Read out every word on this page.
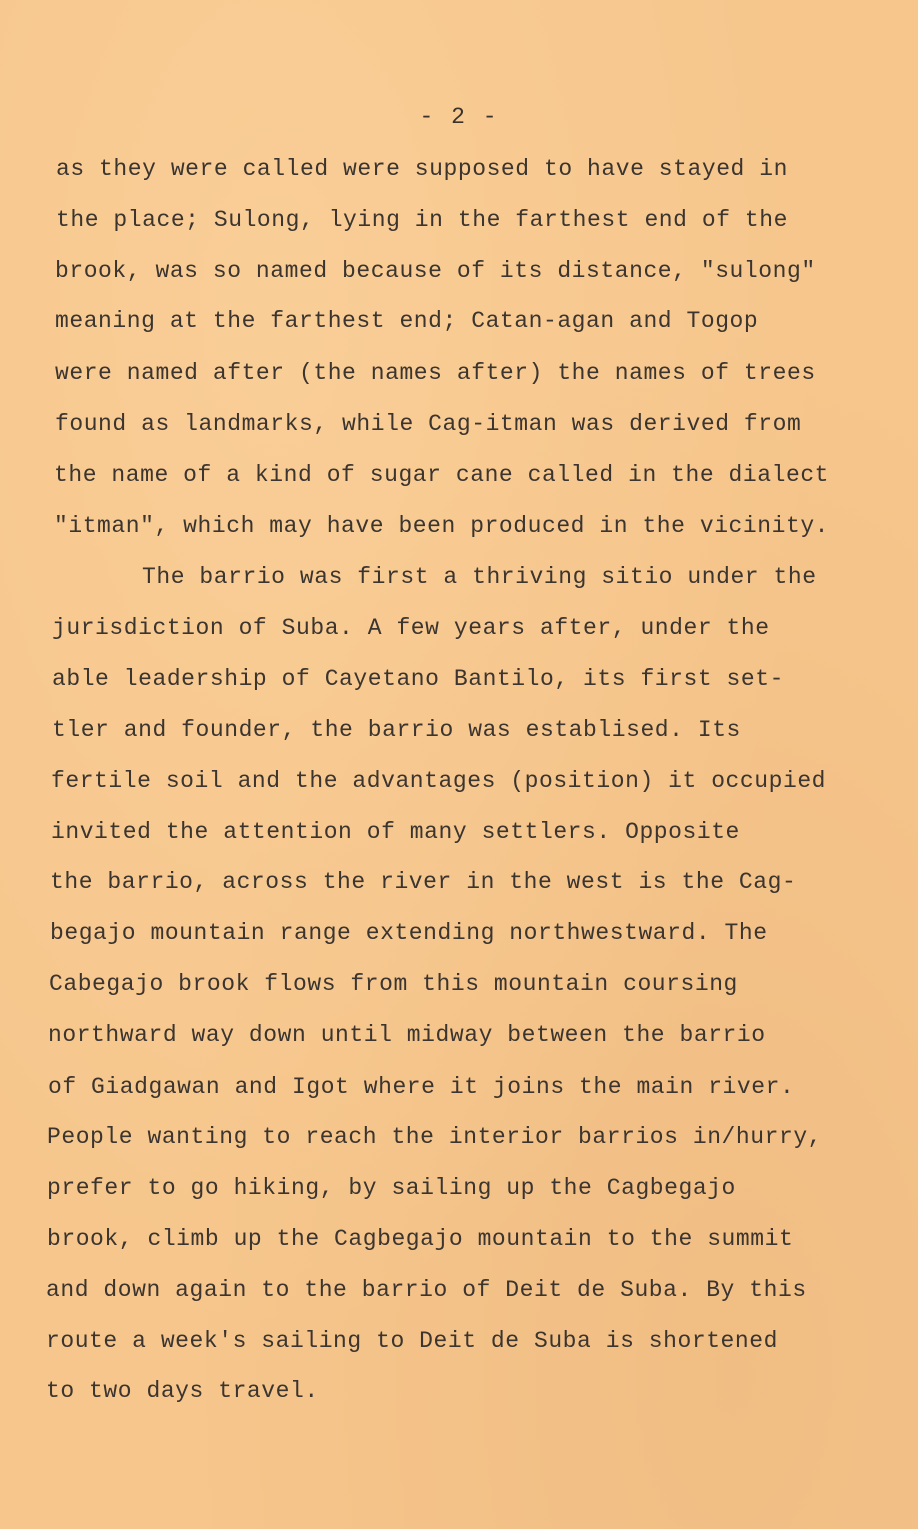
- 2 -
as they were called were supposed to have stayed in
the place; Sulong, lying in the farthest end of the
brook, was so named because of its distance, "sulong"
meaning at the farthest end; Catan-agan and Togop
were named after (the names after) the names of trees
found as landmarks, while Cag-itman was derived from
the name of a kind of sugar cane called in the dialect
"itman", which may have been produced in the vicinity.
The barrio was first a thriving sitio under the
jurisdiction of Suba. A few years after, under the
able leadership of Cayetano Bantilo, its first set-
tler and founder, the barrio was establised. Its
fertile soil and the advantages (position) it occupied
invited the attention of many settlers. Opposite
the barrio, across the river in the west is the Cag-
begajo mountain range extending northwestward. The
Cabegajo brook flows from this mountain coursing
northward way down until midway between the barrio
of Giadgawan and Igot where it joins the main river.
People wanting to reach the interior barrios in/hurry,
prefer to go hiking, by sailing up the Cagbegajo
brook, climb up the Cagbegajo mountain to the summit
and down again to the barrio of Deit de Suba. By this
route a week's sailing to Deit de Suba is shortened
to two days travel.
